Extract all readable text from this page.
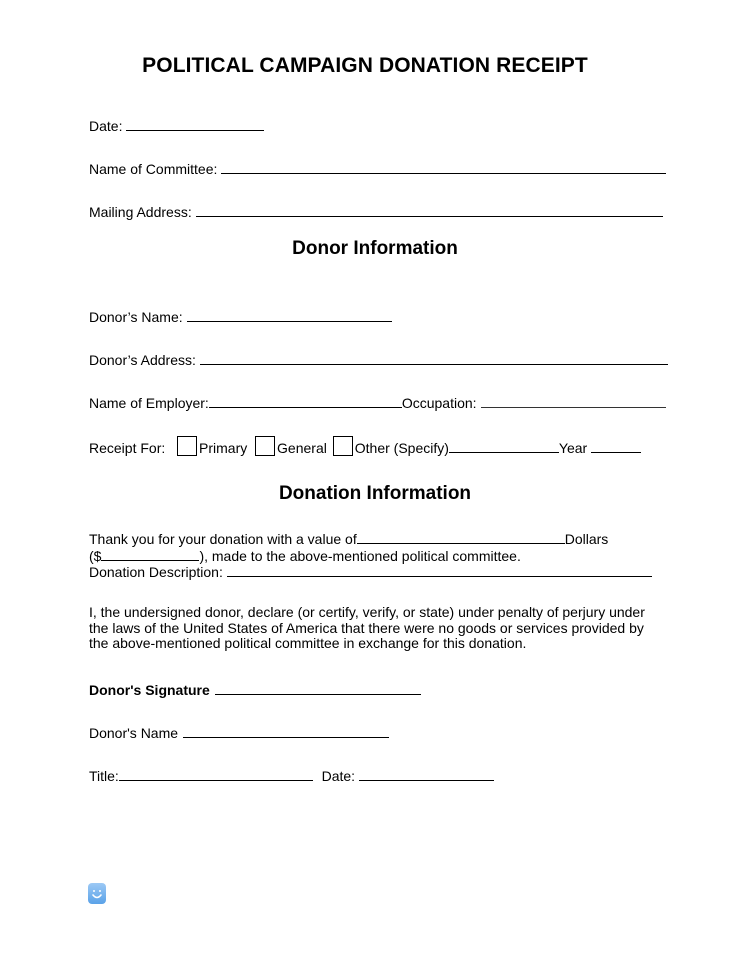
POLITICAL CAMPAIGN DONATION RECEIPT
Date:
Name of Committee:
Mailing Address:
Donor Information
Donor’s Name:
Donor’s Address:
Name of Employer:	Occupation:
Receipt For: Primary General Other (Specify)	Year
Donation Information
Thank you for your donation with a value of	Dollars
($	), made to the above-mentioned political committee.
Donation Description:
I, the undersigned donor, declare (or certify, verify, or state) under penalty of perjury under the laws of the United States of America that there were no goods or services provided by the above-mentioned political committee in exchange for this donation.
Donor's Signature
Donor's Name
Title:	Date:
